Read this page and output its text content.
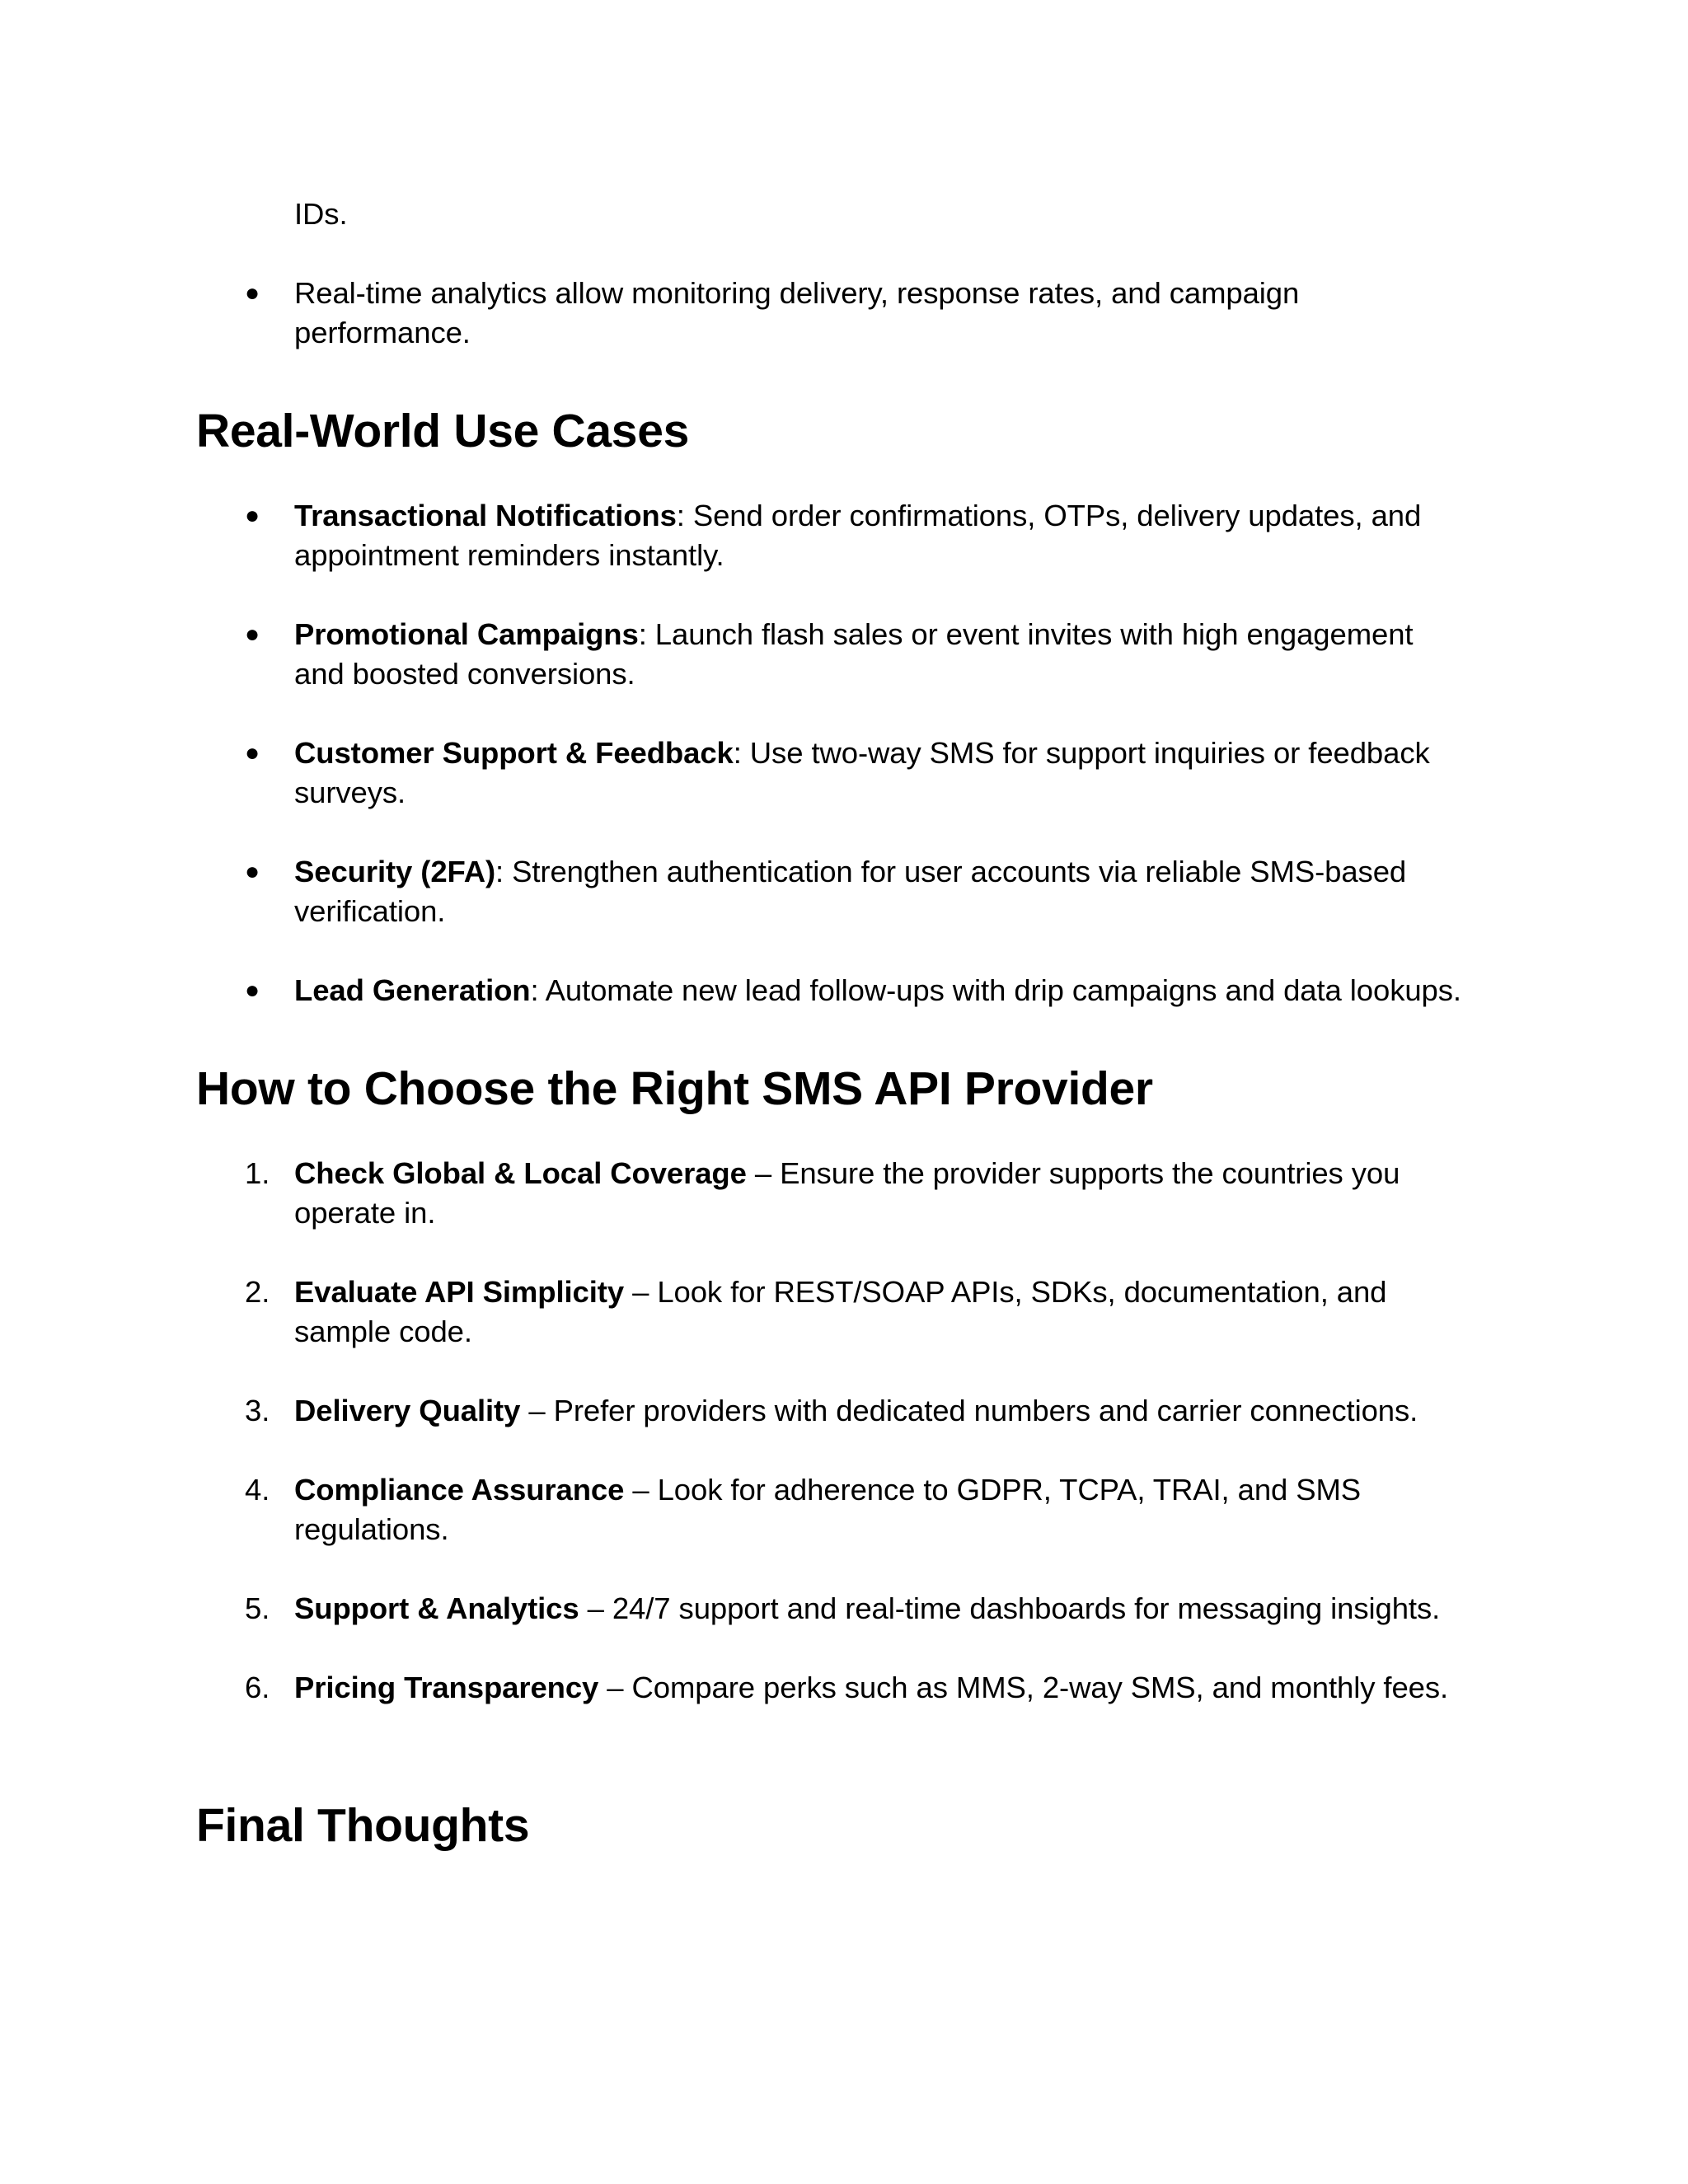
IDs.
●	Real-time analytics allow monitoring delivery, response rates, and campaign performance.
Real-World Use Cases
●	Transactional Notifications: Send order confirmations, OTPs, delivery updates, and appointment reminders instantly.
●	Promotional Campaigns: Launch flash sales or event invites with high engagement and boosted conversions.
●	Customer Support & Feedback: Use two-way SMS for support inquiries or feedback surveys.
●	Security (2FA): Strengthen authentication for user accounts via reliable SMS-based verification.
●	Lead Generation: Automate new lead follow-ups with drip campaigns and data lookups.
How to Choose the Right SMS API Provider
1. Check Global & Local Coverage – Ensure the provider supports the countries you operate in.
2. Evaluate API Simplicity – Look for REST/SOAP APIs, SDKs, documentation, and sample code.
3. Delivery Quality – Prefer providers with dedicated numbers and carrier connections.
4. Compliance Assurance – Look for adherence to GDPR, TCPA, TRAI, and SMS regulations.
5. Support & Analytics – 24/7 support and real-time dashboards for messaging insights.
6. Pricing Transparency – Compare perks such as MMS, 2-way SMS, and monthly fees.
Final Thoughts
